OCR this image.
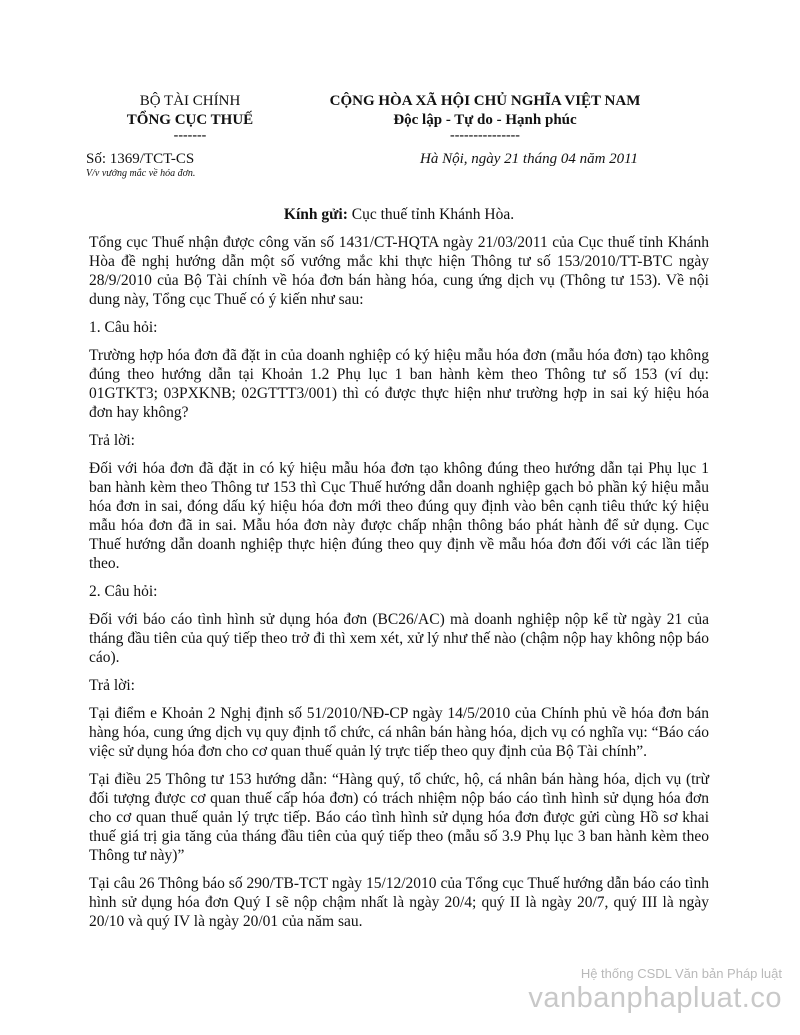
BỘ TÀI CHÍNH
TỔNG CỤC THUẾ
-------
CỘNG HÒA XÃ HỘI CHỦ NGHĨA VIỆT NAM
Độc lập - Tự do - Hạnh phúc
---------------
Số: 1369/TCT-CS
V/v vướng mắc về hóa đơn.
Hà Nội, ngày 21 tháng 04 năm 2011

Kính gửi: Cục thuế tỉnh Khánh Hòa.

Tổng cục Thuế nhận được công văn số 1431/CT-HQTA ngày 21/03/2011 của Cục thuế tỉnh Khánh Hòa đề nghị hướng dẫn một số vướng mắc khi thực hiện Thông tư số 153/2010/TT-BTC ngày 28/9/2010 của Bộ Tài chính về hóa đơn bán hàng hóa, cung ứng dịch vụ (Thông tư 153). Về nội dung này, Tổng cục Thuế có ý kiến như sau:

1. Câu hỏi:

Trường hợp hóa đơn đã đặt in của doanh nghiệp có ký hiệu mẫu hóa đơn (mẫu hóa đơn) tạo không đúng theo hướng dẫn tại Khoản 1.2 Phụ lục 1 ban hành kèm theo Thông tư số 153 (ví dụ: 01GTKT3; 03PXKNB; 02GTTT3/001) thì có được thực hiện như trường hợp in sai ký hiệu hóa đơn hay không?

Trả lời:

Đối với hóa đơn đã đặt in có ký hiệu mẫu hóa đơn tạo không đúng theo hướng dẫn tại Phụ lục 1 ban hành kèm theo Thông tư 153 thì Cục Thuế hướng dẫn doanh nghiệp gạch bỏ phần ký hiệu mẫu hóa đơn in sai, đóng dấu ký hiệu hóa đơn mới theo đúng quy định vào bên cạnh tiêu thức ký hiệu mẫu hóa đơn đã in sai. Mẫu hóa đơn này được chấp nhận thông báo phát hành để sử dụng. Cục Thuế hướng dẫn doanh nghiệp thực hiện đúng theo quy định về mẫu hóa đơn đối với các lần tiếp theo.

2. Câu hỏi:

Đối với báo cáo tình hình sử dụng hóa đơn (BC26/AC) mà doanh nghiệp nộp kể từ ngày 21 của tháng đầu tiên của quý tiếp theo trở đi thì xem xét, xử lý như thế nào (chậm nộp hay không nộp báo cáo).

Trả lời:

Tại điểm e Khoản 2 Nghị định số 51/2010/NĐ-CP ngày 14/5/2010 của Chính phủ về hóa đơn bán hàng hóa, cung ứng dịch vụ quy định tổ chức, cá nhân bán hàng hóa, dịch vụ có nghĩa vụ: “Báo cáo việc sử dụng hóa đơn cho cơ quan thuế quản lý trực tiếp theo quy định của Bộ Tài chính”.

Tại điều 25 Thông tư 153 hướng dẫn: “Hàng quý, tổ chức, hộ, cá nhân bán hàng hóa, dịch vụ (trừ đối tượng được cơ quan thuế cấp hóa đơn) có trách nhiệm nộp báo cáo tình hình sử dụng hóa đơn cho cơ quan thuế quản lý trực tiếp. Báo cáo tình hình sử dụng hóa đơn được gửi cùng Hồ sơ khai thuế giá trị gia tăng của tháng đầu tiên của quý tiếp theo (mẫu số 3.9 Phụ lục 3 ban hành kèm theo Thông tư này)”

Tại câu 26 Thông báo số 290/TB-TCT ngày 15/12/2010 của Tổng cục Thuế hướng dẫn báo cáo tình hình sử dụng hóa đơn Quý I sẽ nộp chậm nhất là ngày 20/4; quý II là ngày 20/7, quý III là ngày 20/10 và quý IV là ngày 20/01 của năm sau.

Hệ thống CSDL Văn bản Pháp luật
vanbanphapluat.co
